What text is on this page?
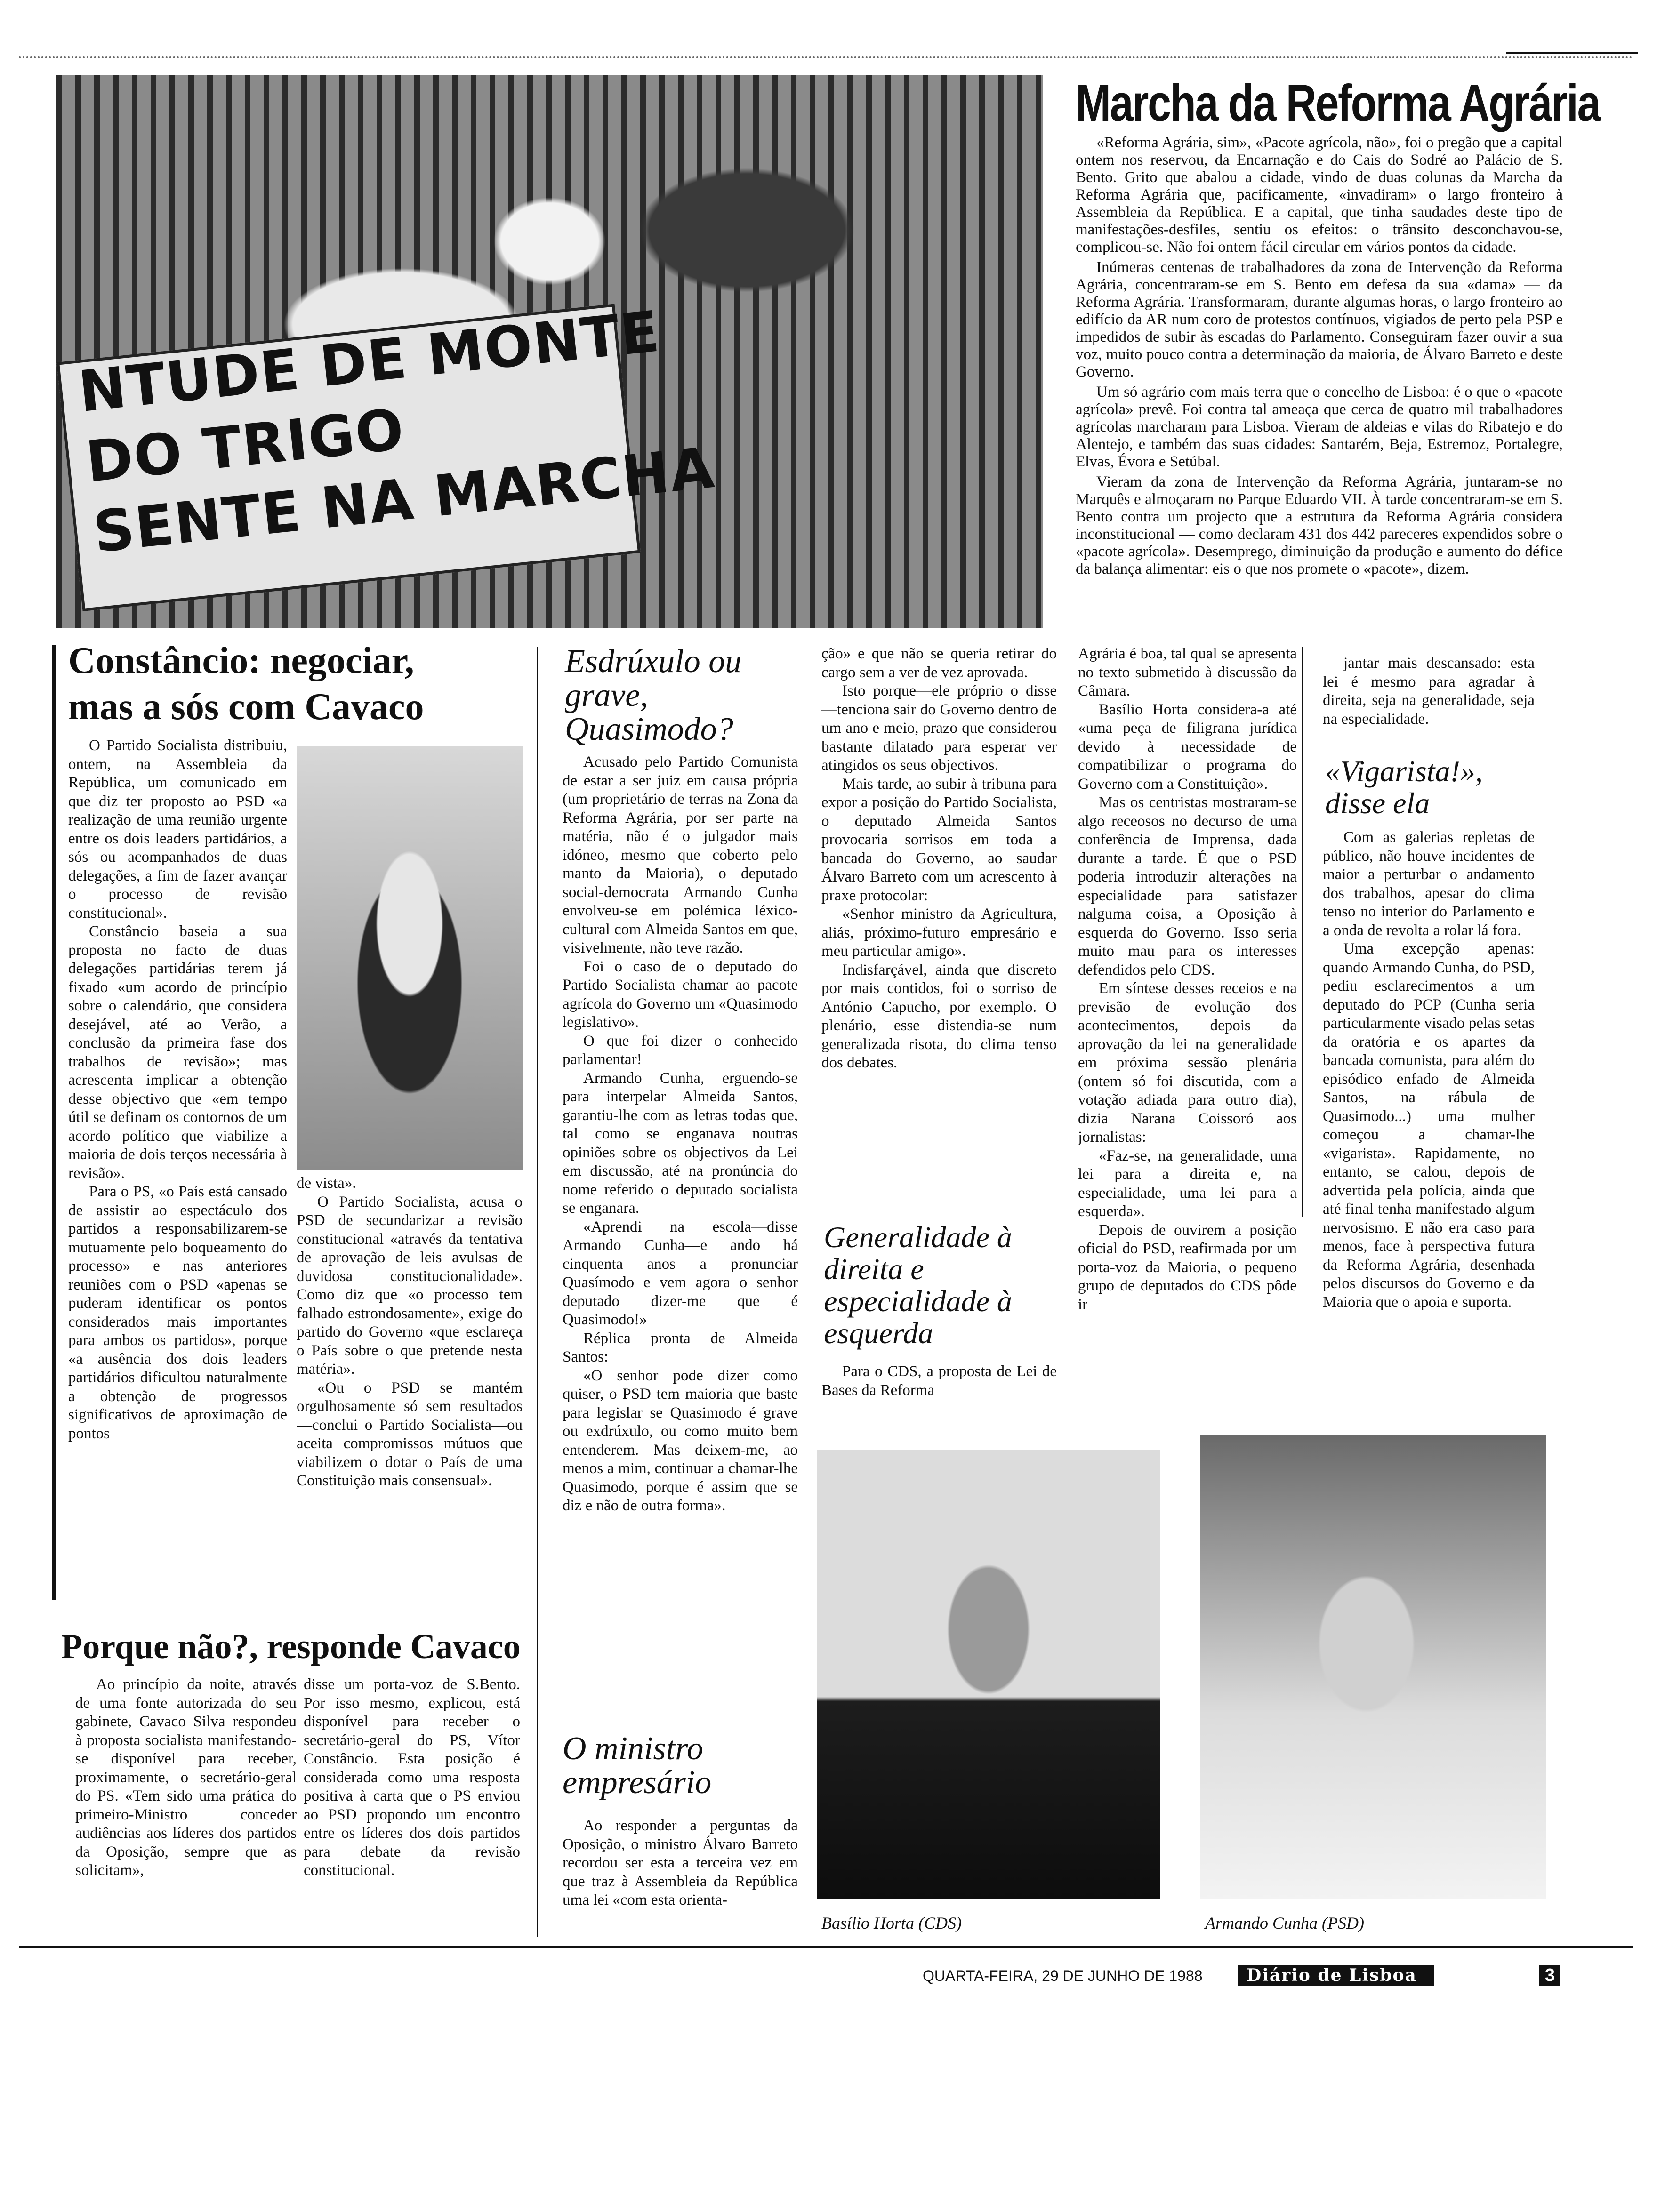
NTUDE DE MONTE
DO TRIGO
SENTE NA MARCHA
Marcha da Reforma Agrária

«Reforma Agrária, sim», «Pacote agrícola, não», foi o pregão que a capital ontem nos reservou, da Encarnação e do Cais do Sodré ao Palácio de S. Bento. Grito que abalou a cidade, vindo de duas colunas da Marcha da Reforma Agrária que, pacificamente, «invadiram» o largo fronteiro à Assembleia da República. E a capital, que tinha saudades deste tipo de manifestações-desfiles, sentiu os efeitos: o trânsito desconchavou-se, complicou-se. Não foi ontem fácil circular em vários pontos da cidade.

Inúmeras centenas de trabalhadores da zona de Intervenção da Reforma Agrária, concentraram-se em S. Bento em defesa da sua «dama» — da Reforma Agrária. Transformaram, durante algumas horas, o largo fronteiro ao edifício da AR num coro de protestos contínuos, vigiados de perto pela PSP e impedidos de subir às escadas do Parlamento. Conseguiram fazer ouvir a sua voz, muito pouco contra a determinação da maioria, de Álvaro Barreto e deste Governo.

Um só agrário com mais terra que o concelho de Lisboa: é o que o «pacote agrícola» prevê. Foi contra tal ameaça que cerca de quatro mil trabalhadores agrícolas marcharam para Lisboa. Vieram de aldeias e vilas do Ribatejo e do Alentejo, e também das suas cidades: Santarém, Beja, Estremoz, Portalegre, Elvas, Évora e Setúbal.

Vieram da zona de Intervenção da Reforma Agrária, juntaram-se no Marquês e almoçaram no Parque Eduardo VII. À tarde concentraram-se em S. Bento contra um projecto que a estrutura da Reforma Agrária considera inconstitucional — como declaram 431 dos 442 pareceres expendidos sobre o «pacote agrícola». Desemprego, diminuição da produção e aumento do défice da balança alimentar: eis o que nos promete o «pacote», dizem.

Constâncio: negociar,
mas a sós com Cavaco

O Partido Socialista distribuiu, ontem, na Assembleia da República, um comunicado em que diz ter proposto ao PSD «a realização de uma reunião urgente entre os dois leaders partidários, a sós ou acompanhados de duas delegações, a fim de fazer avançar o processo de revisão constitucional».

Constâncio baseia a sua proposta no facto de duas delegações partidárias terem já fixado «um acordo de princípio sobre o calendário, que considera desejável, até ao Verão, a conclusão da primeira fase dos trabalhos de revisão»; mas acrescenta implicar a obtenção desse objectivo que «em tempo útil se definam os contornos de um acordo político que viabilize a maioria de dois terços necessária à revisão».

Para o PS, «o País está cansado de assistir ao espectáculo dos partidos a responsabilizarem-se mutuamente pelo boqueamento do processo» e nas anteriores reuniões com o PSD «apenas se puderam identificar os pontos considerados mais importantes para ambos os partidos», porque «a ausência dos dois leaders partidários dificultou naturalmente a obtenção de progressos significativos de aproximação de pontos

de vista».

O Partido Socialista, acusa o PSD de secundarizar a revisão constitucional «através da tentativa de aprovação de leis avulsas de duvidosa constitucionalidade». Como diz que «o processo tem falhado estrondosamente», exige do partido do Governo «que esclareça o País sobre o que pretende nesta matéria».

«Ou o PSD se mantém orgulhosamente só sem resultados—conclui o Partido Socialista—ou aceita compromissos mútuos que viabilizem o dotar o País de uma Constituição mais consensual».

Porque não?, responde Cavaco

Ao princípio da noite, através de uma fonte autorizada do seu gabinete, Cavaco Silva respondeu à proposta socialista manifestando-se disponível para receber, proximamente, o secretário-geral do PS. «Tem sido uma prática do primeiro-Ministro conceder audiências aos líderes dos partidos da Oposição, sempre que as solicitam»,

disse um porta-voz de S.Bento. Por isso mesmo, explicou, está disponível para receber o secretário-geral do PS, Vítor Constâncio. Esta posição é considerada como uma resposta positiva à carta que o PS enviou ao PSD propondo um encontro entre os líderes dos dois partidos para debate da revisão constitucional.

Esdrúxulo ou grave, Quasimodo?

Acusado pelo Partido Comunista de estar a ser juiz em causa própria (um proprietário de terras na Zona da Reforma Agrária, por ser parte na matéria, não é o julgador mais idóneo, mesmo que coberto pelo manto da Maioria), o deputado social-democrata Armando Cunha envolveu-se em polémica léxico-cultural com Almeida Santos em que, visivelmente, não teve razão.

Foi o caso de o deputado do Partido Socialista chamar ao pacote agrícola do Governo um «Quasimodo legislativo».

O que foi dizer o conhecido parlamentar!

Armando Cunha, erguendo-se para interpelar Almeida Santos, garantiu-lhe com as letras todas que, tal como se enganava noutras opiniões sobre os objectivos da Lei em discussão, até na pronúncia do nome referido o deputado socialista se enganara.

«Aprendi na escola—disse Armando Cunha—e ando há cinquenta anos a pronunciar Quasímodo e vem agora o senhor deputado dizer-me que é Quasimodo!»

Réplica pronta de Almeida Santos:

«O senhor pode dizer como quiser, o PSD tem maioria que baste para legislar se Quasimodo é grave ou exdrúxulo, ou como muito bem entenderem. Mas deixem-me, ao menos a mim, continuar a chamar-lhe Quasimodo, porque é assim que se diz e não de outra forma».

O ministro empresário

Ao responder a perguntas da Oposição, o ministro Álvaro Barreto recordou ser esta a terceira vez em que traz à Assembleia da República uma lei «com esta orienta-

ção» e que não se queria retirar do cargo sem a ver de vez aprovada.

Isto porque—ele próprio o disse—tenciona sair do Governo dentro de um ano e meio, prazo que considerou bastante dilatado para esperar ver atingidos os seus objectivos.

Mais tarde, ao subir à tribuna para expor a posição do Partido Socialista, o deputado Almeida Santos provocaria sorrisos em toda a bancada do Governo, ao saudar Álvaro Barreto com um acrescento à praxe protocolar:

«Senhor ministro da Agricultura, aliás, próximo-futuro empresário e meu particular amigo».

Indisfarçável, ainda que discreto por mais contidos, foi o sorriso de António Capucho, por exemplo. O plenário, esse distendia-se num generalizada risota, do clima tenso dos debates.

Generalidade à direita e especialidade à esquerda

Para o CDS, a proposta de Lei de Bases da Reforma

Agrária é boa, tal qual se apresenta no texto submetido à discussão da Câmara.

Basílio Horta considera-a até «uma peça de filigrana jurídica devido à necessidade de compatibilizar o programa do Governo com a Constituição».

Mas os centristas mostraram-se algo receosos no decurso de uma conferência de Imprensa, dada durante a tarde. É que o PSD poderia introduzir alterações na especialidade para satisfazer nalguma coisa, a Oposição à esquerda do Governo. Isso seria muito mau para os interesses defendidos pelo CDS.

Em síntese desses receios e na previsão de evolução dos acontecimentos, depois da aprovação da lei na generalidade em próxima sessão plenária (ontem só foi discutida, com a votação adiada para outro dia), dizia Narana Coissoró aos jornalistas:

«Faz-se, na generalidade, uma lei para a direita e, na especialidade, uma lei para a esquerda».

Depois de ouvirem a posição oficial do PSD, reafirmada por um porta-voz da Maioria, o pequeno grupo de deputados do CDS pôde ir

jantar mais descansado: esta lei é mesmo para agradar à direita, seja na generalidade, seja na especialidade.

«Vigarista!», disse ela

Com as galerias repletas de público, não houve incidentes de maior a perturbar o andamento dos trabalhos, apesar do clima tenso no interior do Parlamento e a onda de revolta a rolar lá fora.

Uma excepção apenas: quando Armando Cunha, do PSD, pediu esclarecimentos a um deputado do PCP (Cunha seria particularmente visado pelas setas da oratória e os apartes da bancada comunista, para além do episódico enfado de Almeida Santos, na rábula de Quasimodo...) uma mulher começou a chamar-lhe «vigarista». Rapidamente, no entanto, se calou, depois de advertida pela polícia, ainda que até final tenha manifestado algum nervosismo. E não era caso para menos, face à perspectiva futura da Reforma Agrária, desenhada pelos discursos do Governo e da Maioria que o apoia e suporta.

Basílio Horta (CDS)	Armando Cunha (PSD)
QUARTA-FEIRA, 29 DE JUNHO DE 1988	Diário de Lisboa	3
